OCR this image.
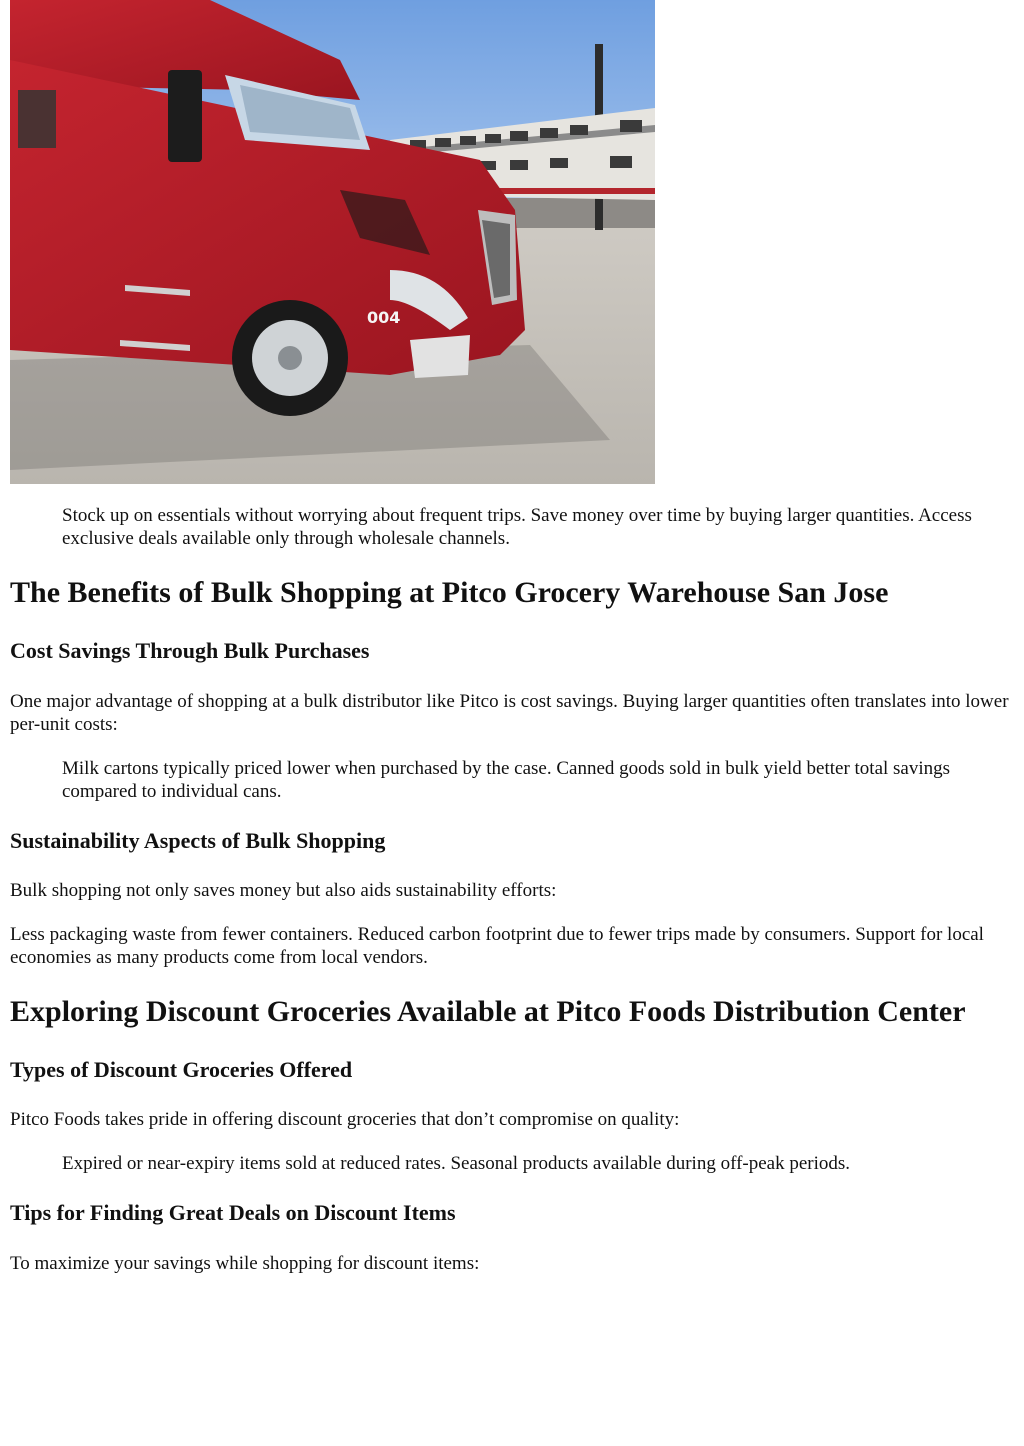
004

Stock up on essentials without worrying about frequent trips. Save money over time by buying larger quantities. Access exclusive deals available only through wholesale channels.

The Benefits of Bulk Shopping at Pitco Grocery Warehouse San Jose
Cost Savings Through Bulk Purchases

One major advantage of shopping at a bulk distributor like Pitco is cost savings. Buying larger quantities often translates into lower per-unit costs:

Milk cartons typically priced lower when purchased by the case. Canned goods sold in bulk yield better total savings compared to individual cans.

Sustainability Aspects of Bulk Shopping

Bulk shopping not only saves money but also aids sustainability efforts:

Less packaging waste from fewer containers. Reduced carbon footprint due to fewer trips made by consumers. Support for local economies as many products come from local vendors.

Exploring Discount Groceries Available at Pitco Foods Distribution Center
Types of Discount Groceries Offered

Pitco Foods takes pride in offering discount groceries that don’t compromise on quality:

Expired or near-expiry items sold at reduced rates. Seasonal products available during off-peak periods.

Tips for Finding Great Deals on Discount Items

To maximize your savings while shopping for discount items:
